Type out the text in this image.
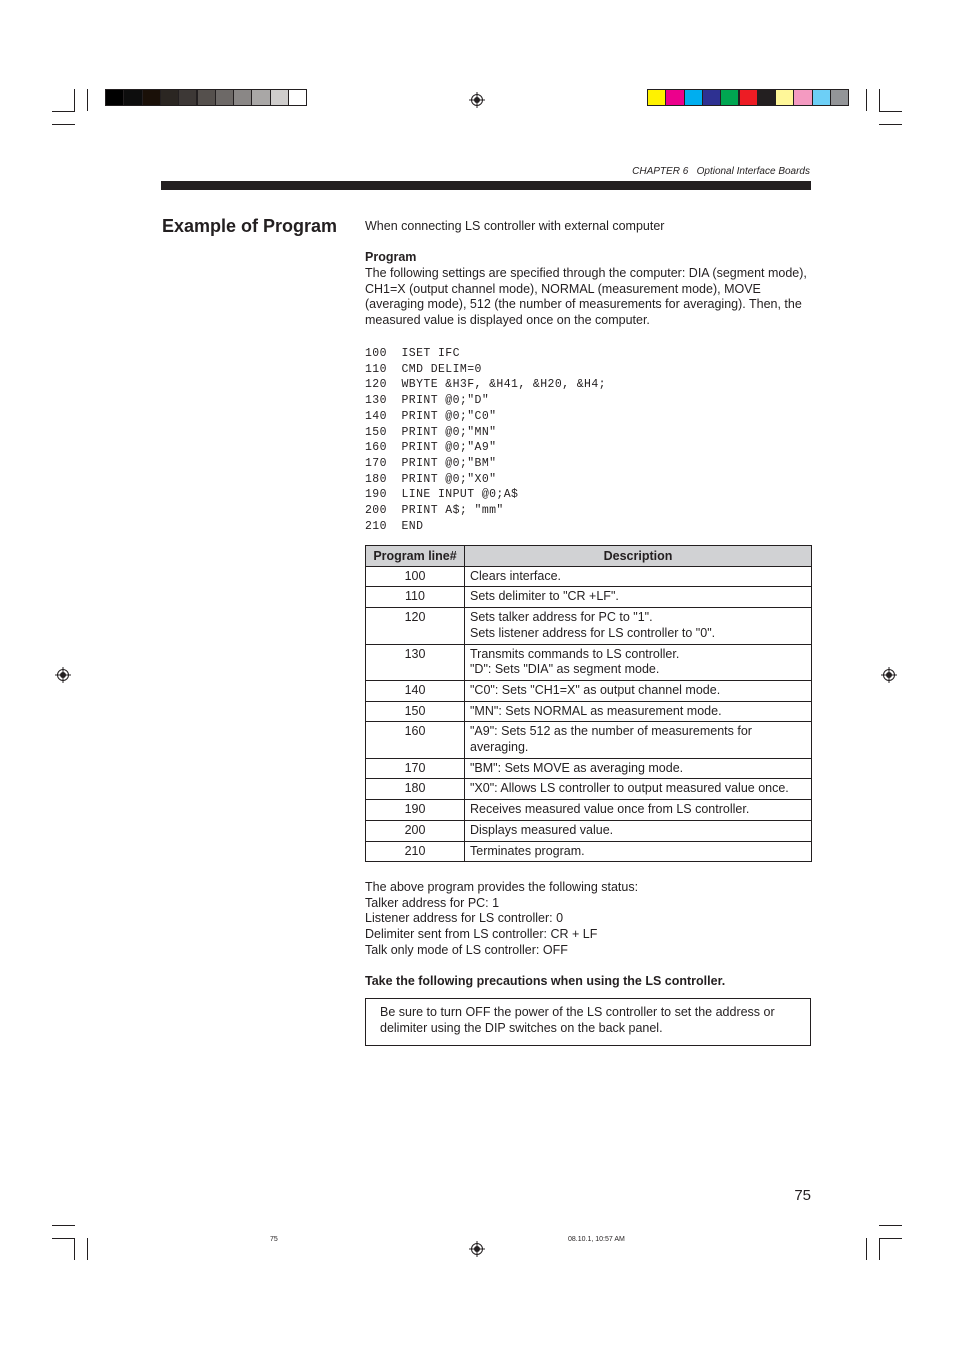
CHAPTER 6   Optional Interface Boards
Example of Program When connecting LS controller with external computer
Program
The following settings are specified through the computer: DIA (segment mode), CH1=X (output channel mode), NORMAL (measurement mode), MOVE (averaging mode), 512 (the number of measurements for averaging). Then, the measured value is displayed once on the computer.
100  ISET IFC
110  CMD DELIM=0
120  WBYTE &H3F, &H41, &H20, &H4;
130  PRINT @0;"D"
140  PRINT @0;"C0"
150  PRINT @0;"MN"
160  PRINT @0;"A9"
170  PRINT @0;"BM"
180  PRINT @0;"X0"
190  LINE INPUT @0;A$
200  PRINT A$; "mm"
210  END
Program line#	Description
100	Clears interface.
110	Sets delimiter to "CR +LF".
120	Sets talker address for PC to "1".
Sets listener address for LS controller to "0".
130	Transmits commands to LS controller.
"D": Sets "DIA" as segment mode.
140	"C0": Sets "CH1=X" as output channel mode.
150	"MN": Sets NORMAL as measurement mode.
160	"A9": Sets 512 as the number of measurements for averaging.
170	"BM": Sets MOVE as averaging mode.
180	"X0": Allows LS controller to output measured value once.
190	Receives measured value once from LS controller.
200	Displays measured value.
210	Terminates program.
The above program provides the following status:
Talker address for PC: 1
Listener address for LS controller: 0
Delimiter sent from LS controller: CR + LF
Talk only mode of LS controller: OFF
Take the following precautions when using the LS controller.
Be sure to turn OFF the power of the LS controller to set the address or delimiter using the DIP switches on the back panel.
75
75	08.10.1, 10:57 AM
